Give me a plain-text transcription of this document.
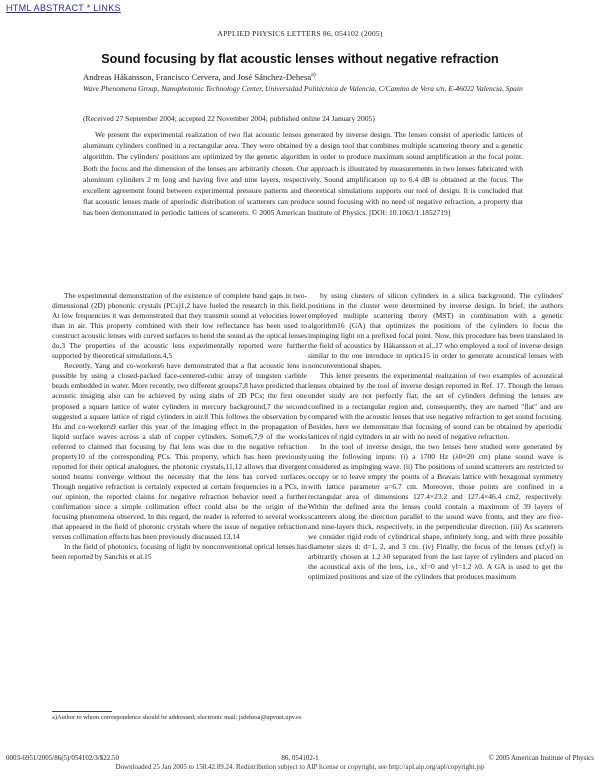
HTML ABSTRACT * LINKS
APPLIED PHYSICS LETTERS 86, 054102 (2005)
Sound focusing by flat acoustic lenses without negative refraction
Andreas Håkansson, Francisco Cervera, and José Sánchez-Dehesa$^{a)}$
Wave Phenomena Group, Nanophotonic Technology Center, Universidad Politécnica de Valencia, C/Camino de Vera s/n, E-46022 Valencia, Spain
(Received 27 September 2004; accepted 22 November 2004; published online 24 January 2005)
We present the experimental realization of two flat acoustic lenses generated by inverse design. The lenses consist of aperiodic lattices of aluminum cylinders confined in a rectangular area. They were obtained by a design tool that combines multiple scattering theory and a genetic algorithm. The cylinders' positions are optimized by the genetic algorithm in order to produce maximum sound amplification at the focal point. Both the focus and the dimension of the lenses are arbitrarily chosen. Our approach is illustrated by measurements in two lenses fabricated with aluminum cylinders 2 m long and having five and nine layers, respectively. Sound amplification up to 6.4 dB is obtained at the focus. The excellent agreement found between experimental pressure patterns and theoretical simulations supports our tool of design. It is concluded that flat acoustic lenses made of aperiodic distribution of scatterers can produce sound focusing with no need of negative refraction, a property that has been demonstrated in periodic lattices of scatterers. © 2005 American Institute of Physics. [DOI: 10.1063/1.1852719]

The experimental demonstration of the existence of complete band gaps in two-dimensional (2D) phononic crystals (PCs)1,2 have fueled the research in this field. At low frequencies it was demonstrated that they transmit sound at velocities lower than in air. This property combined with their low reflectance has been used to construct acoustic lenses with curved surfaces to bend the sound as the optical lenses do.3 The properties of the acoustic lens experimentally reported were further supported by theoretical simulations.4,5

Recently, Yang and co-workers6 have demonstrated that a flat acoustic lens is possible by using a closed-packed face-centered-cubic array of tungsten carbide beads embedded in water. More recently, two different groups7,8 have predicted that acoustic imaging also can be achieved by using slabs of 2D PCs; the first one proposed a square lattice of water cylinders in mercury background,7 the second suggested a square lattice of rigid cylinders in air.8 This follows the observation by Hu and co-workers9 earlier this year of the imaging effect in the propagation of liquid surface waves across a slab of copper cylinders. Some6,7,9 of the works referred to claimed that focusing by flat lens was due to the negative refraction property10 of the corresponding PCs. This property, which has been previously reported for their optical analogues, the photonic crystals,11,12 allows that divergent sound beams converge without the necessity that the lens has curved surfaces. Though negative refraction is certainly expected at certain frequencies in a PCs, in our opinion, the reported claims for negative refraction behavior need a further confirmation since a simple collimation effect could also be the origin of the focusing phenomena observed. In this regard, the reader is referred to several works that appeared in the field of photonic crystals where the issue of negative refraction versus collimation effects has been previously discussed.13,14

In the field of photonics, focusing of light by nonconventional optical lenses has been reported by Sanchis et al.15

by using clusters of silicon cylinders in a silica background. The cylinders' positions in the cluster were determined by inverse design. In brief, the authors employed multiple scattering theory (MST) in combination with a genetic algorithm16 (GA) that optimizes the positions of the cylinders to focus the impinging light on a prefixed focal point. Now, this procedure has been translated in the field of acoustics by Håkansson et al.,17 who employed a tool of inverse design similar to the one introduce in optics15 in order to generate acoustical lenses with nonconventional shapes.

This letter presents the experimental realization of two examples of acoustical lenses obtained by the tool of inverse design reported in Ref. 17. Though the lenses under study are not perfectly flat, the set of cylinders defining the lenses are confined in a rectangular region and, consequently, they are named "flat" and are compared with the acoustic lenses that use negative refraction to get sound focusing. Besides, here we demonstrate that focusing of sound can be obtained by aperiodic lattices of rigid cylinders in air with no need of negative refraction.

In the tool of inverse design, the two lenses here studied were generated by using the following inputs: (i) a 1700 Hz (λ0≈20 cm) plane sound wave is considered as impinging wave. (ii) The positions of sound scatterers are restricted to occupy or to leave empty the points of a Bravais lattice with hexagonal symmetry with lattice parameter a=6.7 cm. Moreover, those points are confined in a rectangular area of dimensions 127.4×23.2 and 127.4×46.4 cm2, respectively. Within the defined area the lenses could contain a maximum of 39 layers of scatterers along the direction parallel to the sound wave fronts, and they are five- and nine-layers thick, respectively, in the perpendicular direction. (iii) As scatterers we consider rigid rods of cylindrical shape, infinitely long, and with three possible diameter sizes d; d=1, 2, and 3 cm. (iv) Finally, the focus of the lenses (xf,yf) is arbitrarily chosen at 1.2 λ0 separated from the last layer of cylinders and placed on the acoustical axis of the lens, i.e., xf=0 and yf=1.2 λ0. A GA is used to get the optimized positions and size of the cylinders that produces maximum

a)Author to whom correspondence should be addressed; electronic mail: jsdehesa@upvnet.upv.es
0003-6951/2005/86(5)/054102/3/$22.50	86, 054102-1	© 2005 American Institute of Physics
Downloaded 25 Jan 2005 to 158.42.89.24. Redistribution subject to AIP license or copyright, see http://apl.aip.org/apl/copyright.jsp
